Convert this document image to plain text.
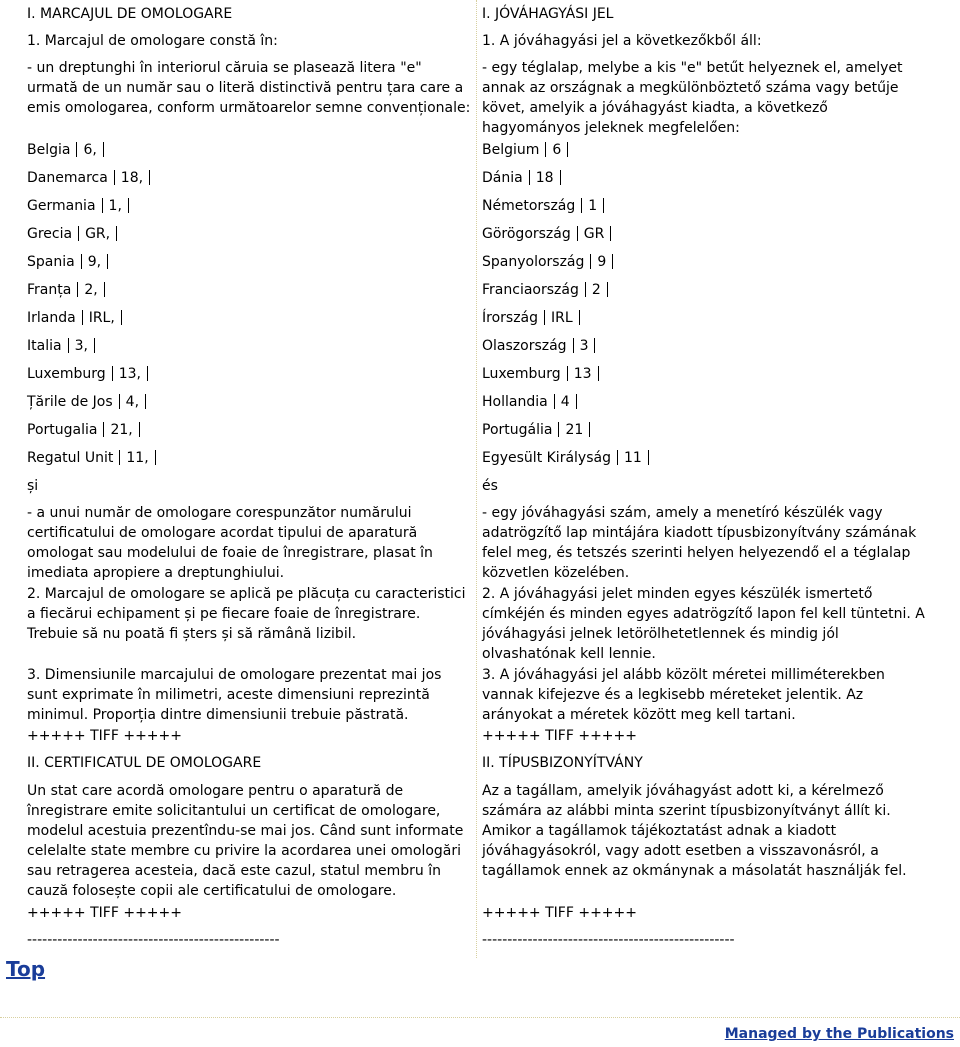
I. MARCAJUL DE OMOLOGARE
1. Marcajul de omologare constă în:
- un dreptunghi în interiorul căruia se plasează litera "e"
urmată de un număr sau o literă distinctivă pentru țara care a
emis omologarea, conform următoarelor semne convenționale:
Belgia 6,
Danemarca 18,
Germania 1,
Grecia GR,
Spania 9,
Franța 2,
Irlanda IRL,
Italia 3,
Luxemburg 13,
Țările de Jos 4,
Portugalia 21,
Regatul Unit 11,
și
- a unui număr de omologare corespunzător numărului
certificatului de omologare acordat tipului de aparatură
omologat sau modelului de foaie de înregistrare, plasat în
imediata apropiere a dreptunghiului.
2. Marcajul de omologare se aplică pe plăcuța cu caracteristici
a fiecărui echipament și pe fiecare foaie de înregistrare.
Trebuie să nu poată fi șters și să rămână lizibil.
3. Dimensiunile marcajului de omologare prezentat mai jos
sunt exprimate în milimetri, aceste dimensiuni reprezintă
minimul. Proporția dintre dimensiunii trebuie păstrată.
+++++ TIFF +++++
II. CERTIFICATUL DE OMOLOGARE
Un stat care acordă omologare pentru o aparatură de
înregistrare emite solicitantului un certificat de omologare,
modelul acestuia prezentîndu-se mai jos. Când sunt informate
celelalte state membre cu privire la acordarea unei omologări
sau retragerea acesteia, dacă este cazul, statul membru în
cauză folosește copii ale certificatului de omologare.
+++++ TIFF +++++
--------------------------------------------------
I. JÓVÁHAGYÁSI JEL
1. A jóváhagyási jel a következőkből áll:
- egy téglalap, melybe a kis "e" betűt helyeznek el, amelyet
annak az országnak a megkülönböztető száma vagy betűje
követ, amelyik a jóváhagyást kiadta, a következő
hagyományos jeleknek megfelelően:
Belgium 6
Dánia 18
Németország 1
Görögország GR
Spanyolország 9
Franciaország 2
Írország IRL
Olaszország 3
Luxemburg 13
Hollandia 4
Portugália 21
Egyesült Királyság 11
és
- egy jóváhagyási szám, amely a menetíró készülék vagy
adatrögzítő lap mintájára kiadott típusbizonyítvány számának
felel meg, és tetszés szerinti helyen helyezendő el a téglalap
közvetlen közelében.
2. A jóváhagyási jelet minden egyes készülék ismertető
címkéjén és minden egyes adatrögzítő lapon fel kell tüntetni. A
jóváhagyási jelnek letörölhetetlennek és mindig jól
olvashatónak kell lennie.
3. A jóváhagyási jel alább közölt méretei milliméterekben
vannak kifejezve és a legkisebb méreteket jelentik. Az
arányokat a méretek között meg kell tartani.
+++++ TIFF +++++
II. TÍPUSBIZONYÍTVÁNY
Az a tagállam, amelyik jóváhagyást adott ki, a kérelmező
számára az alábbi minta szerint típusbizonyítványt állít ki.
Amikor a tagállamok tájékoztatást adnak a kiadott
jóváhagyásokról, vagy adott esetben a visszavonásról, a
tagállamok ennek az okmánynak a másolatát használják fel.
+++++ TIFF +++++
--------------------------------------------------
Top
Managed by the Publications
